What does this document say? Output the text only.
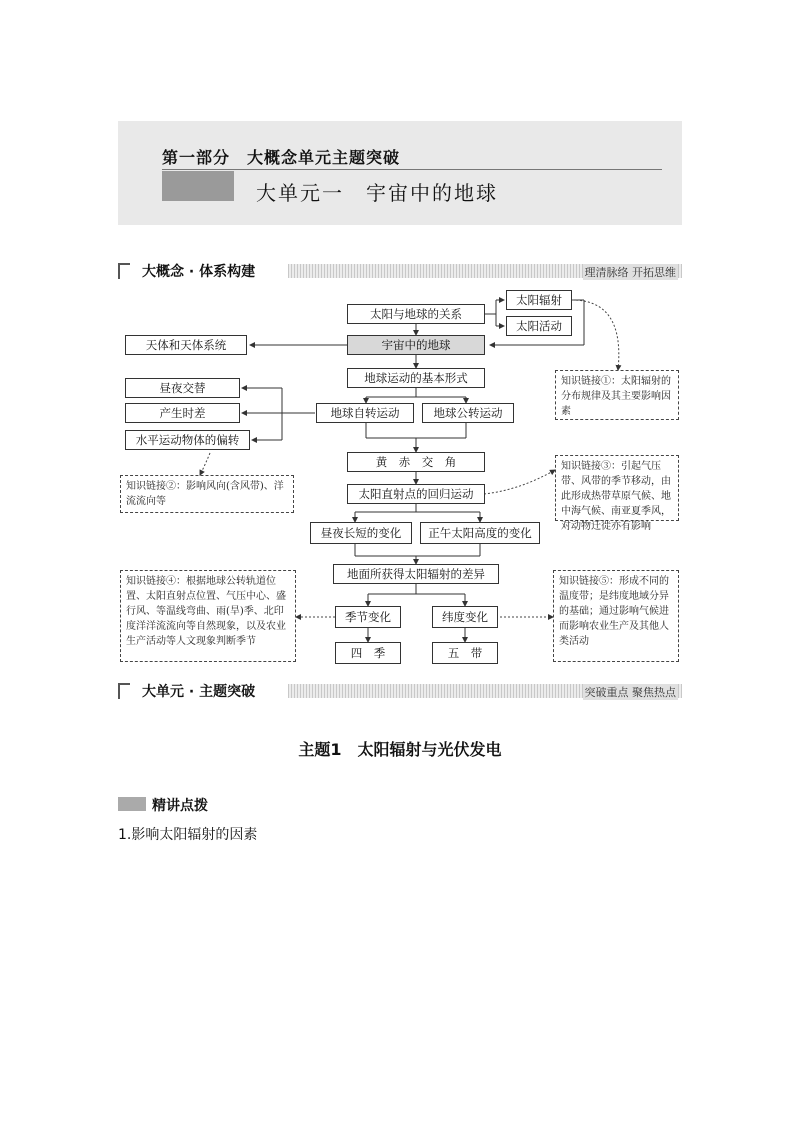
第一部分　大概念单元主题突破
大单元一　宇宙中的地球
大概念 · 体系构建	理清脉络 开拓思维
太阳与地球的关系
太阳辐射
太阳活动
宇宙中的地球
天体和天体系统
地球运动的基本形式
地球自转运动	地球公转运动
昼夜交替
产生时差
水平运动物体的偏转
黄　赤　交　角
太阳直射点的回归运动
昼夜长短的变化	正午太阳高度的变化
地面所获得太阳辐射的差异
季节变化	纬度变化
四　季	五　带
知识链接①：太阳辐射的分布规律及其主要影响因素
知识链接②：影响风向(含风带)、洋流流向等
知识链接③：引起气压带、风带的季节移动，由此形成热带草原气候、地中海气候、南亚夏季风，对动物迁徙亦有影响
知识链接④：根据地球公转轨道位置、太阳直射点位置、气压中心、盛行风、等温线弯曲、雨(旱)季、北印度洋洋流流向等自然现象，以及农业生产活动等人文现象判断季节
知识链接⑤：形成不同的温度带；是纬度地域分异的基础；通过影响气候进而影响农业生产及其他人类活动
大单元 · 主题突破	突破重点 聚焦热点
主题1　太阳辐射与光伏发电
精讲点拨
1.影响太阳辐射的因素
